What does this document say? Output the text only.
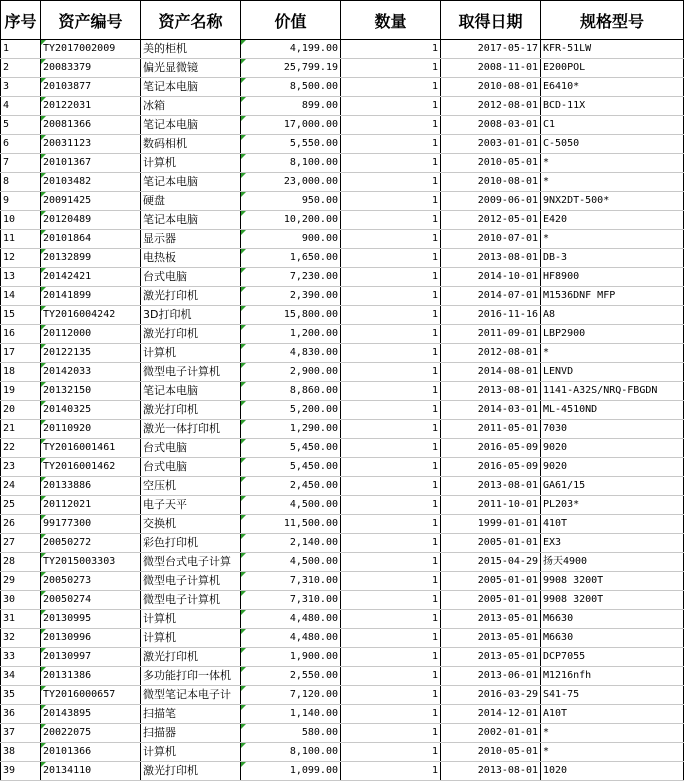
序号	资产编号	资产名称	价值	数量	取得日期	规格型号
1	TY2017002009	美的柜机	4,199.00	1	2017-05-17	KFR-51LW
2	20083379	偏光显微镜	25,799.19	1	2008-11-01	E200POL
3	20103877	笔记本电脑	8,500.00	1	2010-08-01	E6410*
4	20122031	冰箱	899.00	1	2012-08-01	BCD-11X
5	20081366	笔记本电脑	17,000.00	1	2008-03-01	C1
6	20031123	数码相机	5,550.00	1	2003-01-01	C-5050
7	20101367	计算机	8,100.00	1	2010-05-01	*
8	20103482	笔记本电脑	23,000.00	1	2010-08-01	*
9	20091425	硬盘	950.00	1	2009-06-01	9NX2DT-500*
10	20120489	笔记本电脑	10,200.00	1	2012-05-01	E420
11	20101864	显示器	900.00	1	2010-07-01	*
12	20132899	电热板	1,650.00	1	2013-08-01	DB-3
13	20142421	台式电脑	7,230.00	1	2014-10-01	HF8900
14	20141899	激光打印机	2,390.00	1	2014-07-01	M1536DNF MFP
15	TY2016004242	3D打印机	15,800.00	1	2016-11-16	A8
16	20112000	激光打印机	1,200.00	1	2011-09-01	LBP2900
17	20122135	计算机	4,830.00	1	2012-08-01	*
18	20142033	微型电子计算机	2,900.00	1	2014-08-01	LENVD
19	20132150	笔记本电脑	8,860.00	1	2013-08-01	1141-A32S/NRQ-FBGDN
20	20140325	激光打印机	5,200.00	1	2014-03-01	ML-4510ND
21	20110920	激光一体打印机	1,290.00	1	2011-05-01	7030
22	TY2016001461	台式电脑	5,450.00	1	2016-05-09	9020
23	TY2016001462	台式电脑	5,450.00	1	2016-05-09	9020
24	20133886	空压机	2,450.00	1	2013-08-01	GA61/15
25	20112021	电子天平	4,500.00	1	2011-10-01	PL203*
26	99177300	交换机	11,500.00	1	1999-01-01	410T
27	20050272	彩色打印机	2,140.00	1	2005-01-01	EX3
28	TY2015003303	微型台式电子计算	4,500.00	1	2015-04-29	扬天4900
29	20050273	微型电子计算机	7,310.00	1	2005-01-01	9908 3200T
30	20050274	微型电子计算机	7,310.00	1	2005-01-01	9908 3200T
31	20130995	计算机	4,480.00	1	2013-05-01	M6630
32	20130996	计算机	4,480.00	1	2013-05-01	M6630
33	20130997	激光打印机	1,900.00	1	2013-05-01	DCP7055
34	20131386	多功能打印一体机	2,550.00	1	2013-06-01	M1216nfh
35	TY2016000657	微型笔记本电子计	7,120.00	1	2016-03-29	S41-75
36	20143895	扫描笔	1,140.00	1	2014-12-01	A10T
37	20022075	扫描器	580.00	1	2002-01-01	*
38	20101366	计算机	8,100.00	1	2010-05-01	*
39	20134110	激光打印机	1,099.00	1	2013-08-01	1020
